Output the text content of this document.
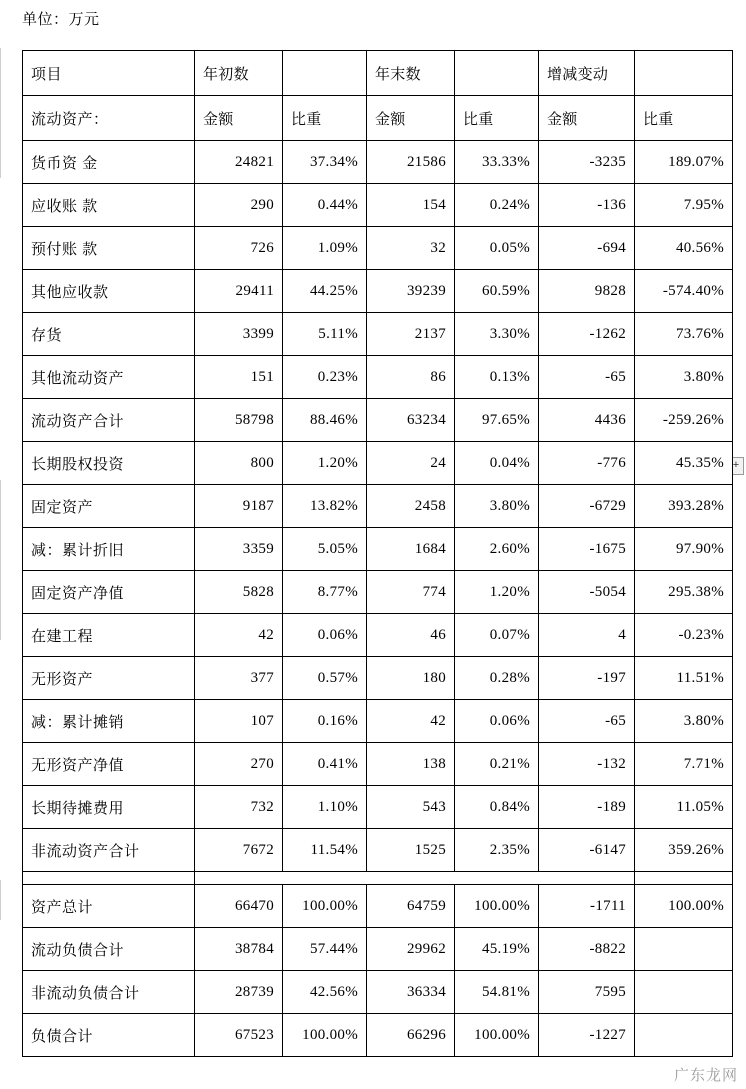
单位：万元
+
项目	年初数		年末数		增减变动	
流动资产：	金额	比重	金额	比重	金额	比重
货币资 金	24821	37.34%	21586	33.33%	-3235	189.07%
应收账 款	290	0.44%	154	0.24%	-136	7.95%
预付账 款	726	1.09%	32	0.05%	-694	40.56%
其他应收款	29411	44.25%	39239	60.59%	9828	-574.40%
存货	3399	5.11%	2137	3.30%	-1262	73.76%
其他流动资产	151	0.23%	86	0.13%	-65	3.80%
流动资产合计	58798	88.46%	63234	97.65%	4436	-259.26%
长期股权投资	800	1.20%	24	0.04%	-776	45.35%
固定资产	9187	13.82%	2458	3.80%	-6729	393.28%
减：累计折旧	3359	5.05%	1684	2.60%	-1675	97.90%
固定资产净值	5828	8.77%	774	1.20%	-5054	295.38%
在建工程	42	0.06%	46	0.07%	4	-0.23%
无形资产	377	0.57%	180	0.28%	-197	11.51%
减：累计摊销	107	0.16%	42	0.06%	-65	3.80%
无形资产净值	270	0.41%	138	0.21%	-132	7.71%
长期待摊费用	732	1.10%	543	0.84%	-189	11.05%
非流动资产合计	7672	11.54%	1525	2.35%	-6147	359.26%

资产总计	66470	100.00%	64759	100.00%	-1711	100.00%
流动负债合计	38784	57.44%	29962	45.19%	-8822	
非流动负债合计	28739	42.56%	36334	54.81%	7595	
负债合计	67523	100.00%	66296	100.00%	-1227	
广东龙网
